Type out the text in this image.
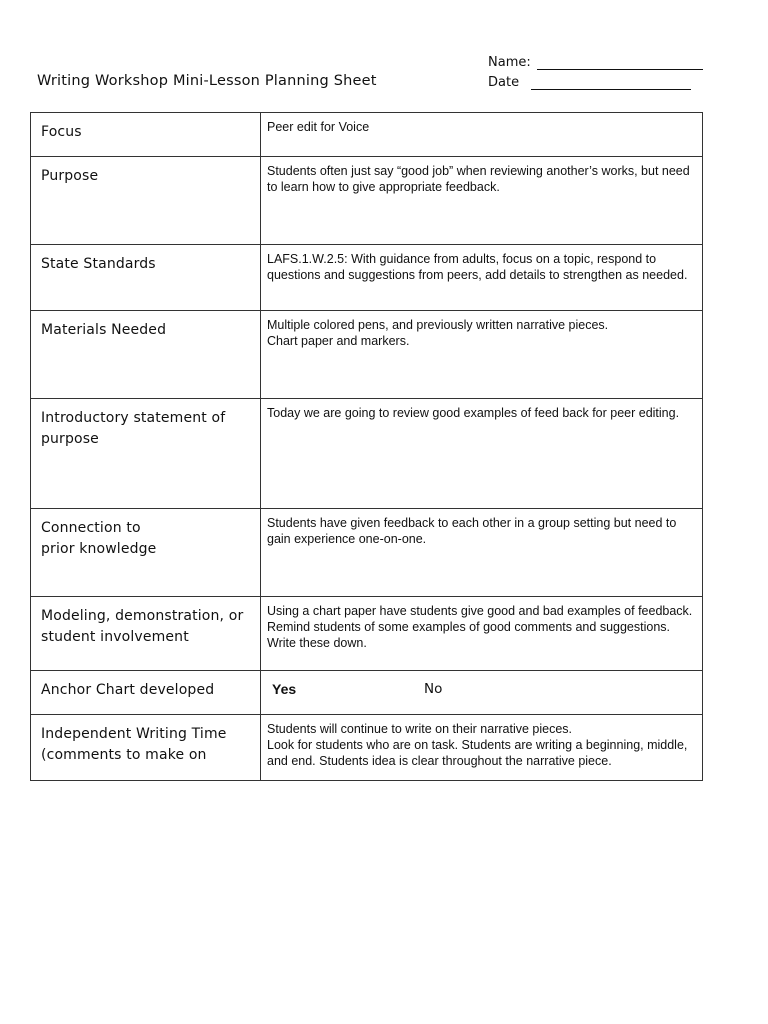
Writing Workshop Mini-Lesson Planning Sheet
Name:
Date
Focus	Peer edit for Voice

Purpose	Students often just say “good job” when reviewing another’s works, but need to learn how to give appropriate feedback.

State Standards	LAFS.1.W.2.5: With guidance from adults, focus on a topic, respond to questions and suggestions from peers, add details to strengthen as needed.

Materials Needed	Multiple colored pens, and previously written narrative pieces.
Chart paper and markers.

Introductory statement of purpose	Today we are going to review good examples of feed back for peer editing.

Connection to
prior knowledge	Students have given feedback to each other in a group setting but need to gain experience one-on-one.

Modeling, demonstration, or student involvement	Using a chart paper have students give good and bad examples of feedback. Remind students of some examples of good comments and suggestions. Write these down.

Anchor Chart developed	Yes No

Independent Writing Time (comments to make on	Students will continue to write on their narrative pieces.
Look for students who are on task. Students are writing a beginning, middle, and end. Students idea is clear throughout the narrative piece.
